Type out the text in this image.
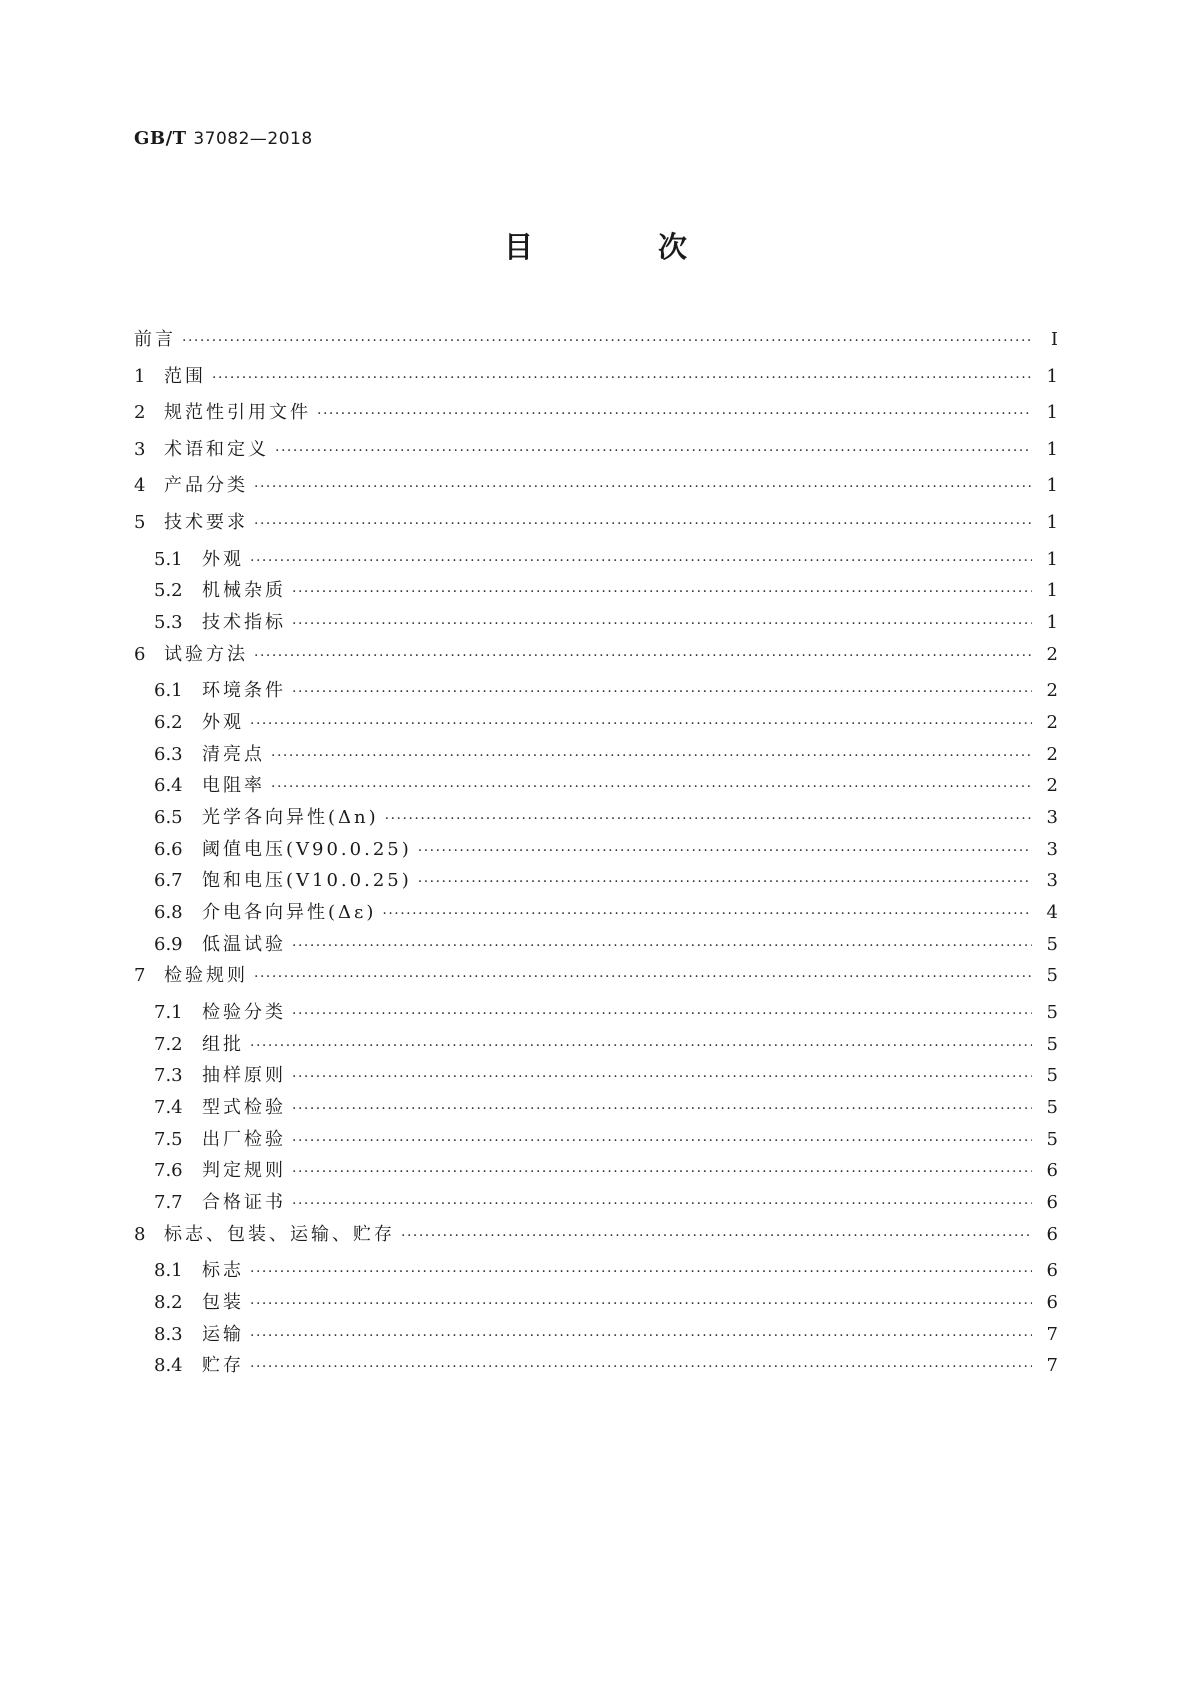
GB/T 37082—2018
目　次
前言 ·····	Ⅰ
1	范围 ·····	1
2	规范性引用文件 ·····	1
3	术语和定义 ·····	1
4	产品分类 ·····	1
5	技术要求 ·····	1
5.1	外观 ·····	1
5.2	机械杂质 ·····	1
5.3	技术指标 ·····	1
6	试验方法 ·····	2
6.1	环境条件 ·····	2
6.2	外观 ·····	2
6.3	清亮点 ·····	2
6.4	电阻率 ·····	2
6.5	光学各向异性(Δn) ·····	3
6.6	阈值电压(V90.0.25) ·····	3
6.7	饱和电压(V10.0.25) ·····	3
6.8	介电各向异性(Δε) ·····	4
6.9	低温试验 ·····	5
7	检验规则 ·····	5
7.1	检验分类 ·····	5
7.2	组批 ·····	5
7.3	抽样原则 ·····	5
7.4	型式检验 ·····	5
7.5	出厂检验 ·····	5
7.6	判定规则 ·····	6
7.7	合格证书 ·····	6
8	标志、包装、运输、贮存 ·····	6
8.1	标志 ·····	6
8.2	包装 ·····	6
8.3	运输 ·····	7
8.4	贮存 ·····	7
